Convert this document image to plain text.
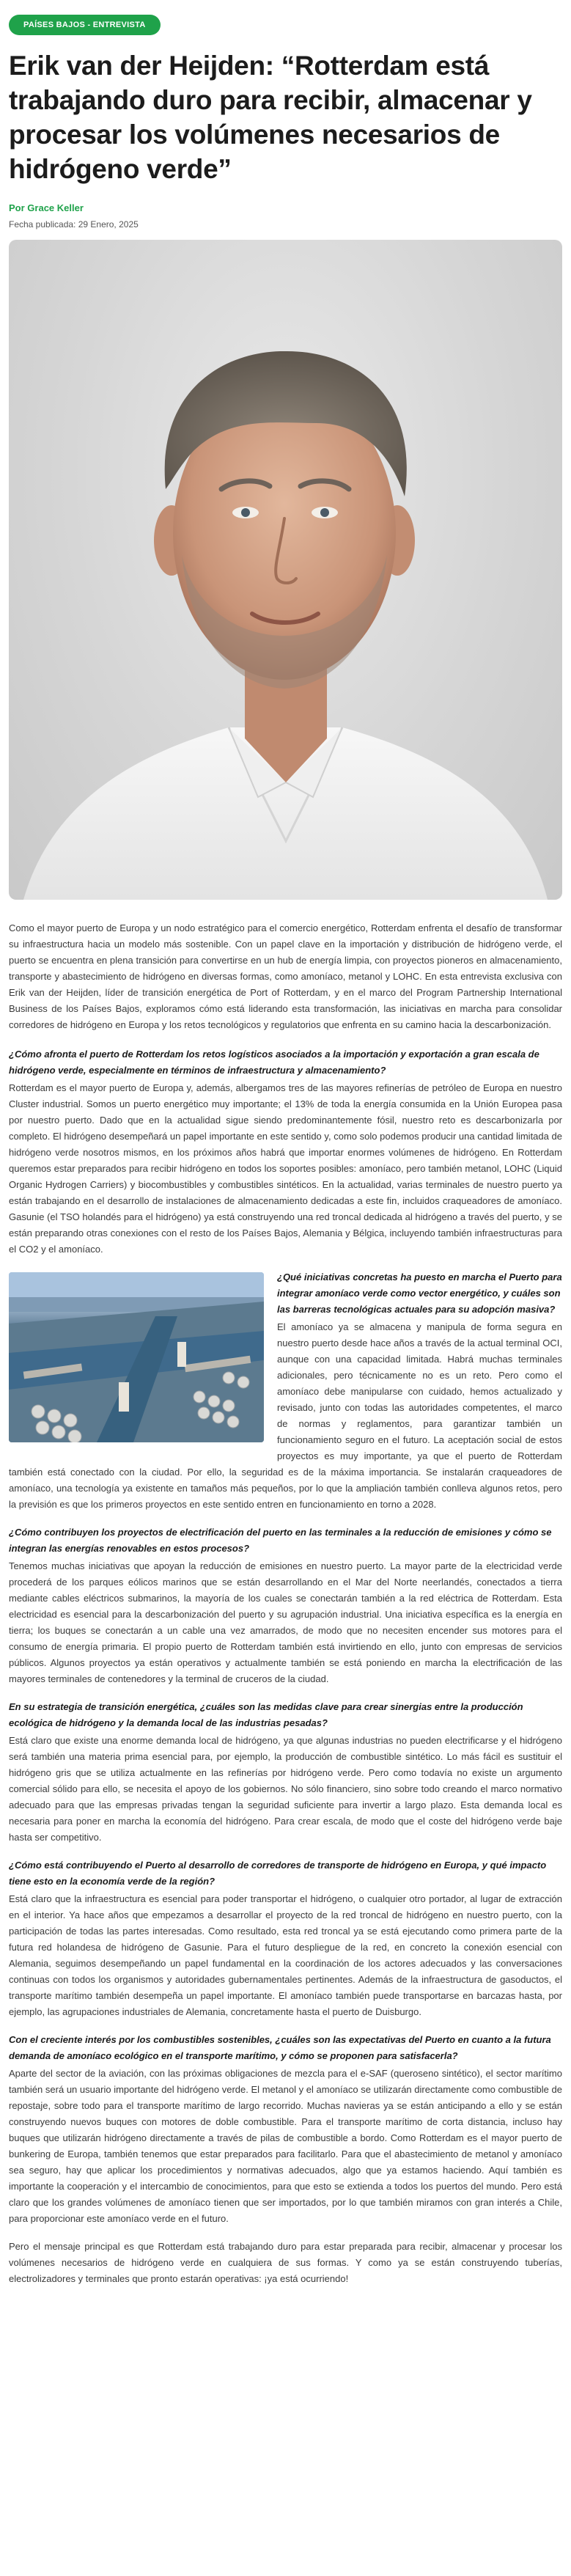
PAÍSES BAJOS - ENTREVISTA
Erik van der Heijden: “Rotterdam está trabajando duro para recibir, almacenar y procesar los volúmenes necesarios de hidrógeno verde”
Por Grace Keller
Fecha publicada: 29 Enero, 2025

Como el mayor puerto de Europa y un nodo estratégico para el comercio energético, Rotterdam enfrenta el desafío de transformar su infraestructura hacia un modelo más sostenible. Con un papel clave en la importación y distribución de hidrógeno verde, el puerto se encuentra en plena transición para convertirse en un hub de energía limpia, con proyectos pioneros en almacenamiento, transporte y abastecimiento de hidrógeno en diversas formas, como amoníaco, metanol y LOHC. En esta entrevista exclusiva con Erik van der Heijden, líder de transición energética de Port of Rotterdam, y en el marco del Program Partnership International Business de los Países Bajos, exploramos cómo está liderando esta transformación, las iniciativas en marcha para consolidar corredores de hidrógeno en Europa y los retos tecnológicos y regulatorios que enfrenta en su camino hacia la descarbonización.

¿Cómo afronta el puerto de Rotterdam los retos logísticos asociados a la importación y exportación a gran escala de hidrógeno verde, especialmente en términos de infraestructura y almacenamiento?

Rotterdam es el mayor puerto de Europa y, además, albergamos tres de las mayores refinerías de petróleo de Europa en nuestro Cluster industrial. Somos un puerto energético muy importante; el 13% de toda la energía consumida en la Unión Europea pasa por nuestro puerto. Dado que en la actualidad sigue siendo predominantemente fósil, nuestro reto es descarbonizarla por completo. El hidrógeno desempeñará un papel importante en este sentido y, como solo podemos producir una cantidad limitada de hidrógeno verde nosotros mismos, en los próximos años habrá que importar enormes volúmenes de hidrógeno. En Rotterdam queremos estar preparados para recibir hidrógeno en todos los soportes posibles: amoníaco, pero también metanol, LOHC (Liquid Organic Hydrogen Carriers) y biocombustibles y combustibles sintéticos. En la actualidad, varias terminales de nuestro puerto ya están trabajando en el desarrollo de instalaciones de almacenamiento dedicadas a este fin, incluidos craqueadores de amoníaco. Gasunie (el TSO holandés para el hidrógeno) ya está construyendo una red troncal dedicada al hidrógeno a través del puerto, y se están preparando otras conexiones con el resto de los Países Bajos, Alemania y Bélgica, incluyendo también infraestructuras para el CO2 y el amoníaco.

¿Qué iniciativas concretas ha puesto en marcha el Puerto para integrar amoníaco verde como vector energético, y cuáles son las barreras tecnológicas actuales para su adopción masiva?

El amoníaco ya se almacena y manipula de forma segura en nuestro puerto desde hace años a través de la actual terminal OCI, aunque con una capacidad limitada. Habrá muchas terminales adicionales, pero técnicamente no es un reto. Pero como el amoníaco debe manipularse con cuidado, hemos actualizado y revisado, junto con todas las autoridades competentes, el marco de normas y reglamentos, para garantizar también un funcionamiento seguro en el futuro. La aceptación social de estos proyectos es muy importante, ya que el puerto de Rotterdam también está conectado con la ciudad. Por ello, la seguridad es de la máxima importancia. Se instalarán craqueadores de amoníaco, una tecnología ya existente en tamaños más pequeños, por lo que la ampliación también conlleva algunos retos, pero la previsión es que los primeros proyectos en este sentido entren en funcionamiento en torno a 2028.

¿Cómo contribuyen los proyectos de electrificación del puerto en las terminales a la reducción de emisiones y cómo se integran las energías renovables en estos procesos?

Tenemos muchas iniciativas que apoyan la reducción de emisiones en nuestro puerto. La mayor parte de la electricidad verde procederá de los parques eólicos marinos que se están desarrollando en el Mar del Norte neerlandés, conectados a tierra mediante cables eléctricos submarinos, la mayoría de los cuales se conectarán también a la red eléctrica de Rotterdam. Esta electricidad es esencial para la descarbonización del puerto y su agrupación industrial. Una iniciativa específica es la energía en tierra; los buques se conectarán a un cable una vez amarrados, de modo que no necesiten encender sus motores para el consumo de energía primaria. El propio puerto de Rotterdam también está invirtiendo en ello, junto con empresas de servicios públicos. Algunos proyectos ya están operativos y actualmente también se está poniendo en marcha la electrificación de las mayores terminales de contenedores y la terminal de cruceros de la ciudad.

En su estrategia de transición energética, ¿cuáles son las medidas clave para crear sinergias entre la producción ecológica de hidrógeno y la demanda local de las industrias pesadas?

Está claro que existe una enorme demanda local de hidrógeno, ya que algunas industrias no pueden electrificarse y el hidrógeno será también una materia prima esencial para, por ejemplo, la producción de combustible sintético. Lo más fácil es sustituir el hidrógeno gris que se utiliza actualmente en las refinerías por hidrógeno verde. Pero como todavía no existe un argumento comercial sólido para ello, se necesita el apoyo de los gobiernos. No sólo financiero, sino sobre todo creando el marco normativo adecuado para que las empresas privadas tengan la seguridad suficiente para invertir a largo plazo. Esta demanda local es necesaria para poner en marcha la economía del hidrógeno. Para crear escala, de modo que el coste del hidrógeno verde baje hasta ser competitivo.

¿Cómo está contribuyendo el Puerto al desarrollo de corredores de transporte de hidrógeno en Europa, y qué impacto tiene esto en la economía verde de la región?

Está claro que la infraestructura es esencial para poder transportar el hidrógeno, o cualquier otro portador, al lugar de extracción en el interior. Ya hace años que empezamos a desarrollar el proyecto de la red troncal de hidrógeno en nuestro puerto, con la participación de todas las partes interesadas. Como resultado, esta red troncal ya se está ejecutando como primera parte de la futura red holandesa de hidrógeno de Gasunie. Para el futuro despliegue de la red, en concreto la conexión esencial con Alemania, seguimos desempeñando un papel fundamental en la coordinación de los actores adecuados y las conversaciones continuas con todos los organismos y autoridades gubernamentales pertinentes. Además de la infraestructura de gasoductos, el transporte marítimo también desempeña un papel importante. El amoníaco también puede transportarse en barcazas hasta, por ejemplo, las agrupaciones industriales de Alemania, concretamente hasta el puerto de Duisburgo.

Con el creciente interés por los combustibles sostenibles, ¿cuáles son las expectativas del Puerto en cuanto a la futura demanda de amoníaco ecológico en el transporte marítimo, y cómo se proponen para satisfacerla?

Aparte del sector de la aviación, con las próximas obligaciones de mezcla para el e-SAF (queroseno sintético), el sector marítimo también será un usuario importante del hidrógeno verde. El metanol y el amoníaco se utilizarán directamente como combustible de repostaje, sobre todo para el transporte marítimo de largo recorrido. Muchas navieras ya se están anticipando a ello y se están construyendo nuevos buques con motores de doble combustible. Para el transporte marítimo de corta distancia, incluso hay buques que utilizarán hidrógeno directamente a través de pilas de combustible a bordo. Como Rotterdam es el mayor puerto de bunkering de Europa, también tenemos que estar preparados para facilitarlo. Para que el abastecimiento de metanol y amoníaco sea seguro, hay que aplicar los procedimientos y normativas adecuados, algo que ya estamos haciendo. Aquí también es importante la cooperación y el intercambio de conocimientos, para que esto se extienda a todos los puertos del mundo. Pero está claro que los grandes volúmenes de amoníaco tienen que ser importados, por lo que también miramos con gran interés a Chile, para proporcionar este amoníaco verde en el futuro.

Pero el mensaje principal es que Rotterdam está trabajando duro para estar preparada para recibir, almacenar y procesar los volúmenes necesarios de hidrógeno verde en cualquiera de sus formas. Y como ya se están construyendo tuberías, electrolizadores y terminales que pronto estarán operativas: ¡ya está ocurriendo!
